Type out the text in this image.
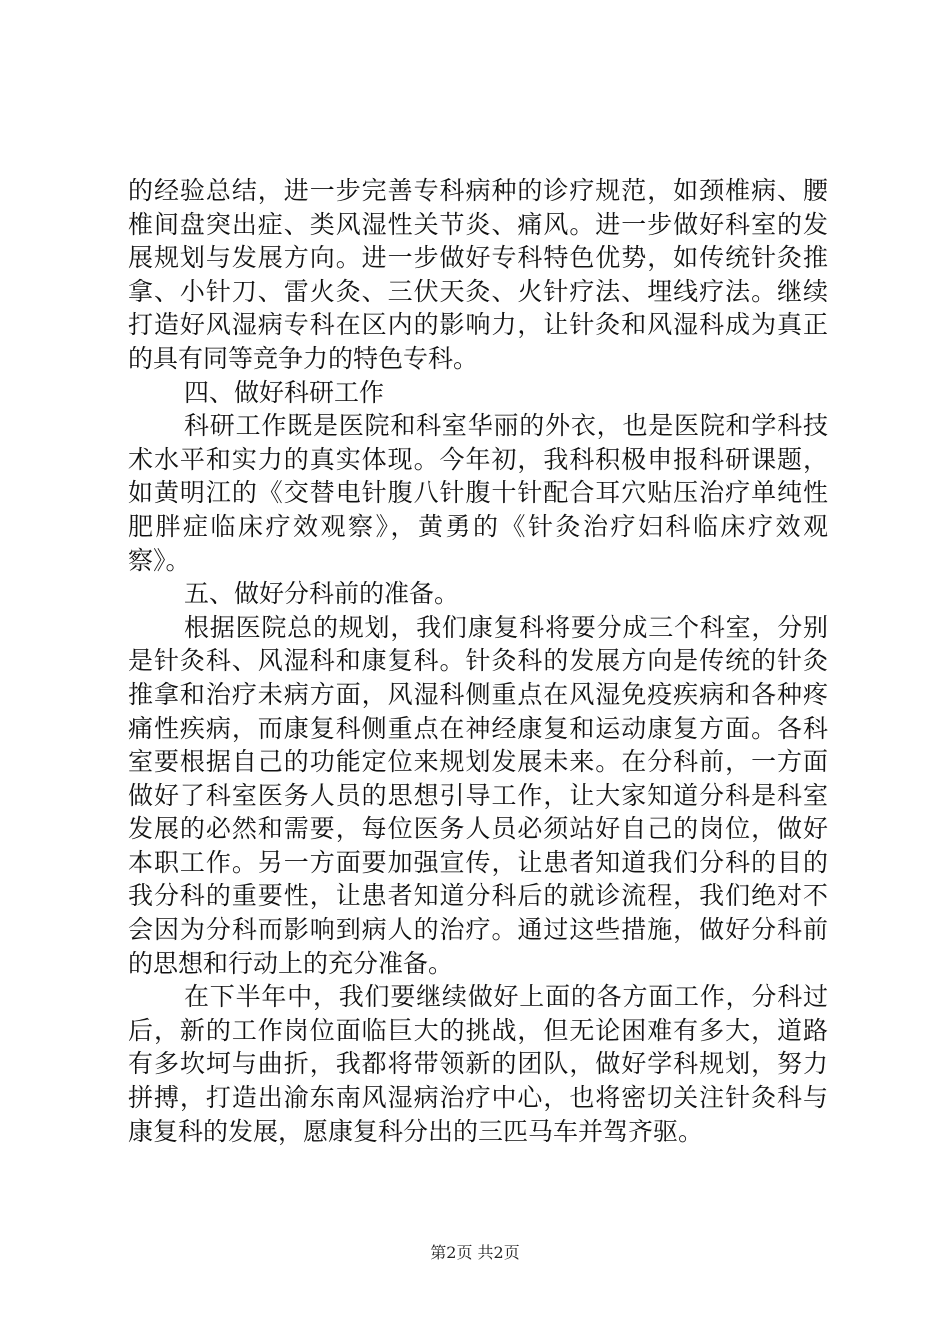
的经验总结，进一步完善专科病种的诊疗规范，如颈椎病、腰
椎间盘突出症、类风湿性关节炎、痛风。进一步做好科室的发
展规划与发展方向。进一步做好专科特色优势，如传统针灸推
拿、小针刀、雷火灸、三伏天灸、火针疗法、埋线疗法。继续
打造好风湿病专科在区内的影响力，让针灸和风湿科成为真正
的具有同等竞争力的特色专科。
四、做好科研工作
科研工作既是医院和科室华丽的外衣，也是医院和学科技
术水平和实力的真实体现。今年初，我科积极申报科研课题，
如黄明江的《交替电针腹八针腹十针配合耳穴贴压治疗单纯性
肥胖症临床疗效观察》，黄勇的《针灸治疗妇科临床疗效观
察》。
五、做好分科前的准备。
根据医院总的规划，我们康复科将要分成三个科室，分别
是针灸科、风湿科和康复科。针灸科的发展方向是传统的针灸
推拿和治疗未病方面，风湿科侧重点在风湿免疫疾病和各种疼
痛性疾病，而康复科侧重点在神经康复和运动康复方面。各科
室要根据自己的功能定位来规划发展未来。在分科前，一方面
做好了科室医务人员的思想引导工作，让大家知道分科是科室
发展的必然和需要，每位医务人员必须站好自己的岗位，做好
本职工作。另一方面要加强宣传，让患者知道我们分科的目的
我分科的重要性，让患者知道分科后的就诊流程，我们绝对不
会因为分科而影响到病人的治疗。通过这些措施，做好分科前
的思想和行动上的充分准备。
在下半年中，我们要继续做好上面的各方面工作，分科过
后，新的工作岗位面临巨大的挑战，但无论困难有多大，道路
有多坎坷与曲折，我都将带领新的团队，做好学科规划，努力
拼搏，打造出渝东南风湿病治疗中心，也将密切关注针灸科与
康复科的发展，愿康复科分出的三匹马车并驾齐驱。
第2页 共2页
